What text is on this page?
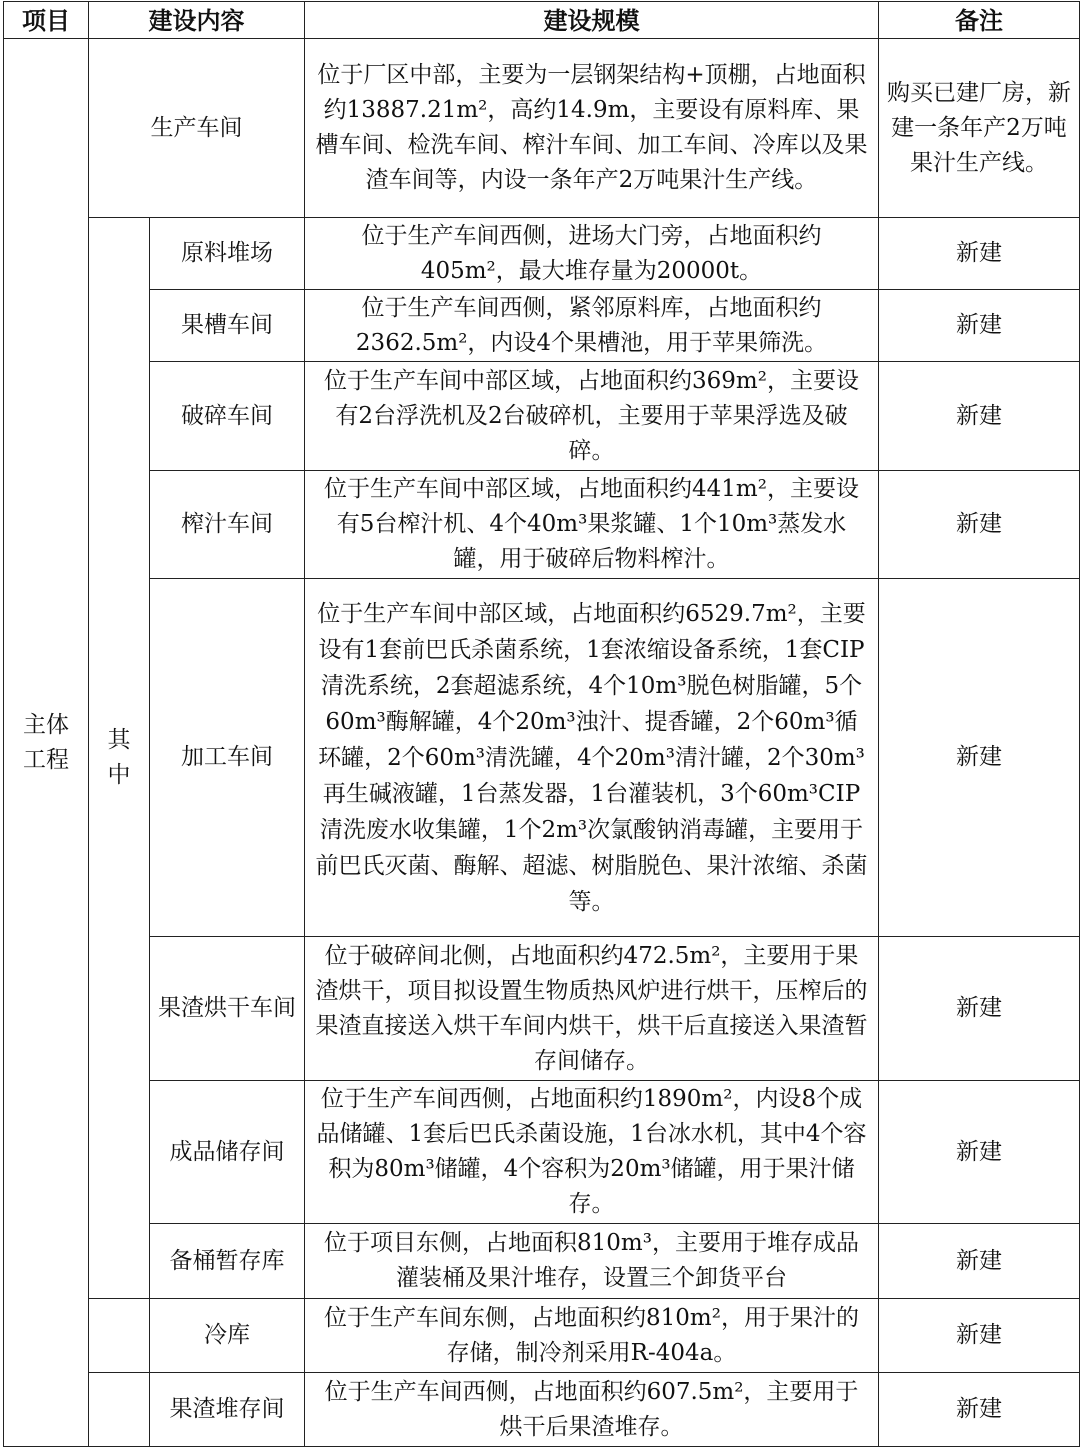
项目	建设内容		建设规模	备注
主体工程	生产车间		位于厂区中部，主要为一层钢架结构+顶棚，占地面积约13887.21m²，高约14.9m，主要设有原料库、果槽车间、检洗车间、榨汁车间、加工车间、冷库以及果渣车间等，内设一条年产2万吨果汁生产线。	购买已建厂房，新建一条年产2万吨果汁生产线。
	其中	原料堆场	位于生产车间西侧，进场大门旁，占地面积约405m²，最大堆存量为20000t。	新建
		果槽车间	位于生产车间西侧，紧邻原料库，占地面积约2362.5m²，内设4个果槽池，用于苹果筛洗。	新建
		破碎车间	位于生产车间中部区域，占地面积约369m²，主要设有2台浮洗机及2台破碎机，主要用于苹果浮选及破碎。	新建
		榨汁车间	位于生产车间中部区域，占地面积约441m²，主要设有5台榨汁机、4个40m³果浆罐、1个10m³蒸发水罐，用于破碎后物料榨汁。	新建
		加工车间	位于生产车间中部区域，占地面积约6529.7m²，主要设有1套前巴氏杀菌系统，1套浓缩设备系统，1套CIP清洗系统，2套超滤系统，4个10m³脱色树脂罐，5个60m³酶解罐，4个20m³浊汁、提香罐，2个60m³循环罐，2个60m³清洗罐，4个20m³清汁罐，2个30m³再生碱液罐，1台蒸发器，1台灌装机，3个60m³CIP清洗废水收集罐，1个2m³次氯酸钠消毒罐，主要用于前巴氏灭菌、酶解、超滤、树脂脱色、果汁浓缩、杀菌等。	新建
		果渣烘干车间	位于破碎间北侧，占地面积约472.5m²，主要用于果渣烘干，项目拟设置生物质热风炉进行烘干，压榨后的果渣直接送入烘干车间内烘干，烘干后直接送入果渣暂存间储存。	新建
		成品储存间	位于生产车间西侧，占地面积约1890m²，内设8个成品储罐、1套后巴氏杀菌设施，1台冰水机，其中4个容积为80m³储罐，4个容积为20m³储罐，用于果汁储存。	新建
		备桶暂存库	位于项目东侧，占地面积810m³，主要用于堆存成品灌装桶及果汁堆存，设置三个卸货平台	新建
		冷库	位于生产车间东侧，占地面积约810m²，用于果汁的存储，制冷剂采用R-404a。	新建
		果渣堆存间	位于生产车间西侧，占地面积约607.5m²，主要用于烘干后果渣堆存。	新建
